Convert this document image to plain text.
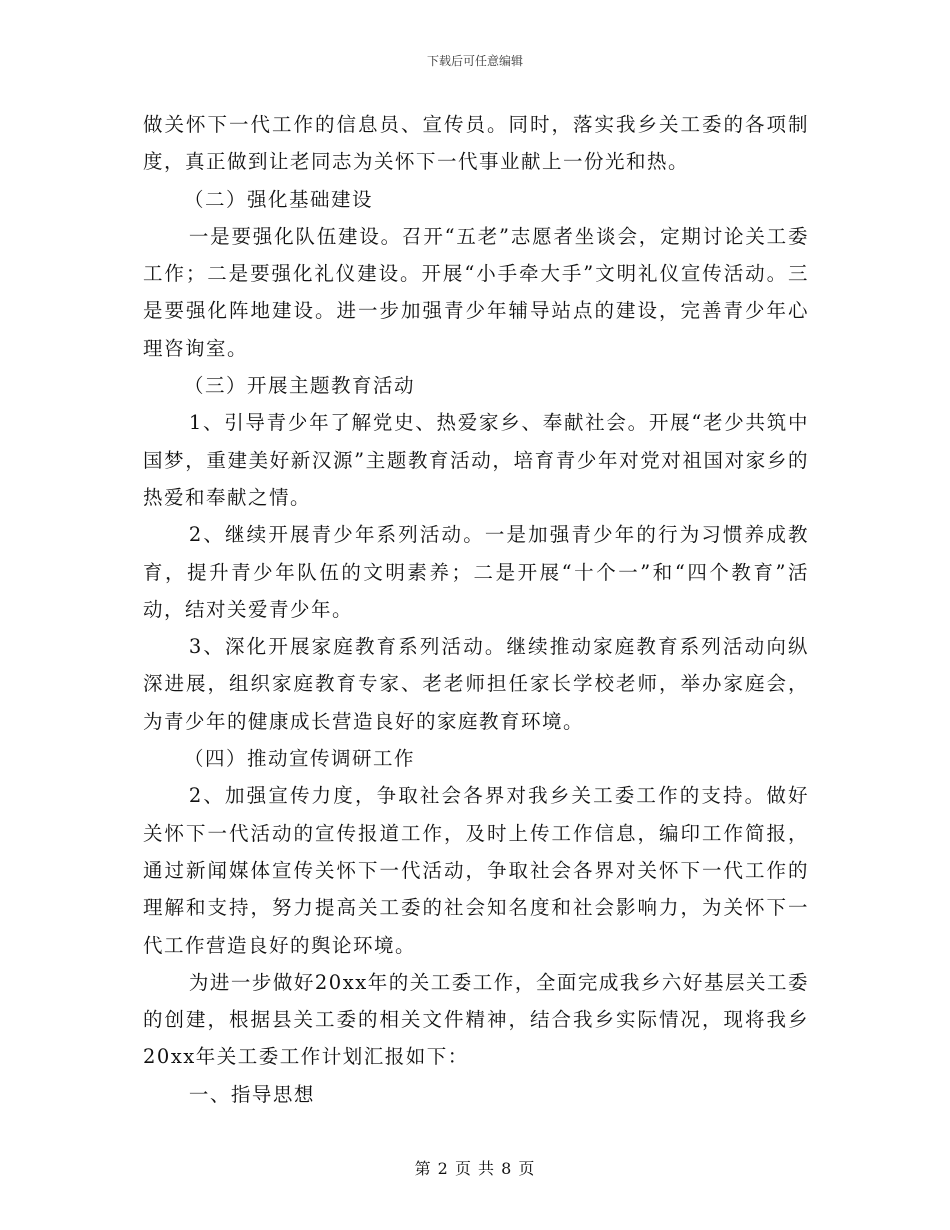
下载后可任意编辑

做关怀下一代工作的信息员、宣传员。同时，落实我乡关工委的各项制度，真正做到让老同志为关怀下一代事业献上一份光和热。

（二）强化基础建设

一是要强化队伍建设。召开“五老”志愿者坐谈会，定期讨论关工委工作；二是要强化礼仪建设。开展“小手牵大手”文明礼仪宣传活动。三是要强化阵地建设。进一步加强青少年辅导站点的建设，完善青少年心理咨询室。

（三）开展主题教育活动

1、引导青少年了解党史、热爱家乡、奉献社会。开展“老少共筑中国梦，重建美好新汉源”主题教育活动，培育青少年对党对祖国对家乡的热爱和奉献之情。

2、继续开展青少年系列活动。一是加强青少年的行为习惯养成教育，提升青少年队伍的文明素养；二是开展“十个一”和“四个教育”活动，结对关爱青少年。

3、深化开展家庭教育系列活动。继续推动家庭教育系列活动向纵深进展，组织家庭教育专家、老老师担任家长学校老师，举办家庭会，为青少年的健康成长营造良好的家庭教育环境。

（四）推动宣传调研工作

2、加强宣传力度，争取社会各界对我乡关工委工作的支持。做好关怀下一代活动的宣传报道工作，及时上传工作信息，编印工作简报，通过新闻媒体宣传关怀下一代活动，争取社会各界对关怀下一代工作的理解和支持，努力提高关工委的社会知名度和社会影响力，为关怀下一代工作营造良好的舆论环境。

为进一步做好20xx年的关工委工作，全面完成我乡六好基层关工委的创建，根据县关工委的相关文件精神，结合我乡实际情况，现将我乡20xx年关工委工作计划汇报如下：

一、指导思想

第 2 页 共 8 页
